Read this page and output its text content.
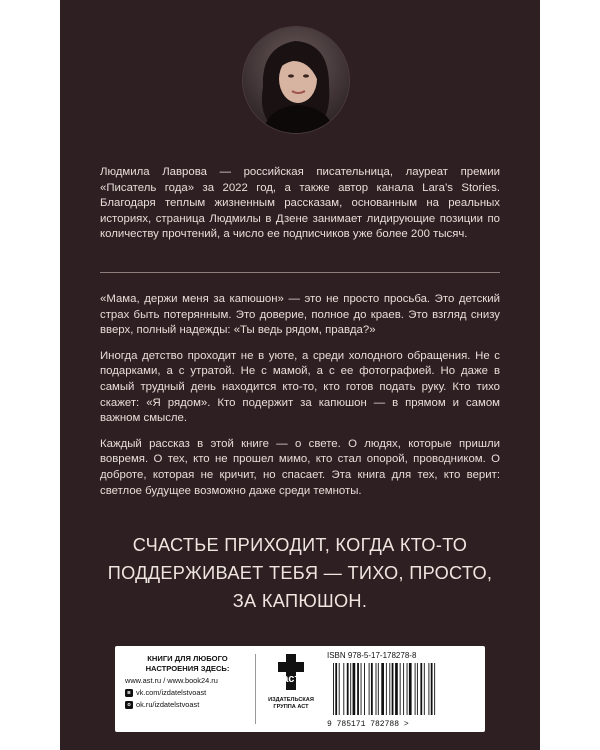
Людмила Лаврова — российская писательница, лауреат премии «Писатель года» за 2022 год, а также автор канала Lara’s Stories. Благодаря теплым жизненным рассказам, основанным на реальных историях, страница Людмилы в Дзене занимает лидирующие позиции по количеству прочтений, а число ее подписчиков уже более 200 тысяч.

«Мама, держи меня за капюшон» — это не просто просьба. Это детский страх быть потерянным. Это доверие, полное до краев. Это взгляд снизу вверх, полный надежды: «Ты ведь рядом, правда?»

Иногда детство проходит не в уюте, а среди холодного обращения. Не с подарками, а с утратой. Не с мамой, а с ее фотографией. Но даже в самый трудный день находится кто-то, кто готов подать руку. Кто тихо скажет: «Я рядом». Кто подержит за капюшон — в прямом и самом важном смысле.

Каждый рассказ в этой книге — о свете. О людях, которые пришли вовремя. О тех, кто не прошел мимо, кто стал опорой, проводником. О доброте, которая не кричит, но спасает. Эта книга для тех, кто верит: светлое будущее возможно даже среди темноты.

СЧАСТЬЕ ПРИХОДИТ, КОГДА КТО-ТО
ПОДДЕРЖИВАЕТ ТЕБЯ — ТИХО, ПРОСТО,
ЗА КАПЮШОН.
КНИГИ ДЛЯ ЛЮБОГО
НАСТРОЕНИЯ ЗДЕСЬ:
www.ast.ru / www.book24.ru
в vk.com/izdatelstvoast
о ok.ru/izdatelstvoast
аст
ИЗДАТЕЛЬСКАЯ
ГРУППА АСТ
ISBN 978-5-17-178278-8
9 785171 782788 >
